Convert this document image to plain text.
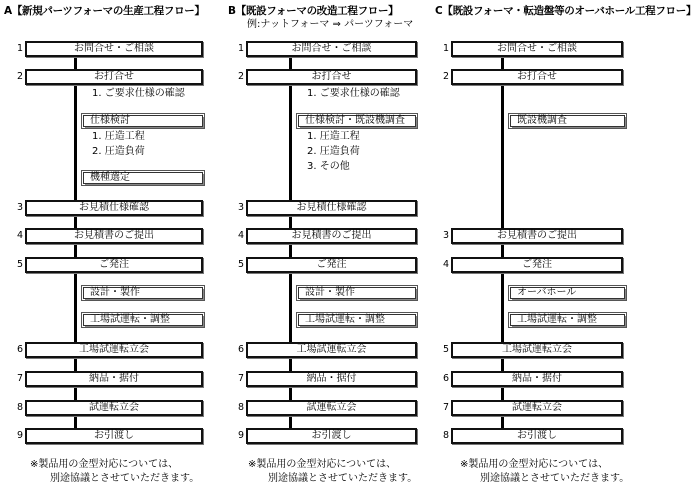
A【新規パーツフォーマの生産工程フロー】
1	お問合せ・ご相談
2	お打合せ
1. ご要求仕様の確認
仕様検討
1. 圧造工程
2. 圧造負荷
機種選定
3	お見積仕様確認
4	お見積書のご提出
5	ご発注
設計・製作
工場試運転・調整
6	工場試運転立会
7	納品・据付
8	試運転立会
9	お引渡し
※製品用の金型対応については、
別途協議とさせていただきます。
B【既設フォーマの改造工程フロー】
例:ナットフォーマ ⇒ パーツフォーマ
1	お問合せ・ご相談
2	お打合せ
1. ご要求仕様の確認
仕様検討・既設機調査
1. 圧造工程
2. 圧造負荷
3. その他
3	お見積仕様確認
4	お見積書のご提出
5	ご発注
設計・製作
工場試運転・調整
6	工場試運転立会
7	納品・据付
8	試運転立会
9	お引渡し
※製品用の金型対応については、
別途協議とさせていただきます。
C【既設フォーマ・転造盤等のオーバホール工程フロー】
1	お問合せ・ご相談
2	お打合せ
既設機調査
3	お見積書のご提出
4	ご発注
オーバホール
工場試運転・調整
5	工場試運転立会
6	納品・据付
7	試運転立会
8	お引渡し
※製品用の金型対応については、
別途協議とさせていただきます。
